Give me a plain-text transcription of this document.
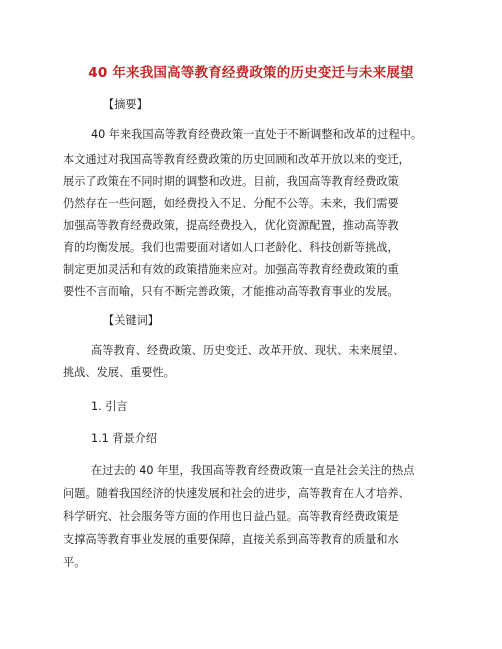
40 年来我国高等教育经费政策的历史变迁与未来展望
【摘要】
40 年来我国高等教育经费政策一直处于不断调整和改革的过程中。
本文通过对我国高等教育经费政策的历史回顾和改革开放以来的变迁，
展示了政策在不同时期的调整和改进。目前，我国高等教育经费政策
仍然存在一些问题，如经费投入不足、分配不公等。未来，我们需要
加强高等教育经费政策，提高经费投入，优化资源配置，推动高等教
育的均衡发展。我们也需要面对诸如人口老龄化、科技创新等挑战，
制定更加灵活和有效的政策措施来应对。加强高等教育经费政策的重
要性不言而喻，只有不断完善政策，才能推动高等教育事业的发展。
【关键词】
高等教育、经费政策、历史变迁、改革开放、现状、未来展望、
挑战、发展、重要性。
1. 引言
1.1 背景介绍
在过去的 40 年里，我国高等教育经费政策一直是社会关注的热点
问题。随着我国经济的快速发展和社会的进步，高等教育在人才培养、
科学研究、社会服务等方面的作用也日益凸显。高等教育经费政策是
支撑高等教育事业发展的重要保障，直接关系到高等教育的质量和水
平。
